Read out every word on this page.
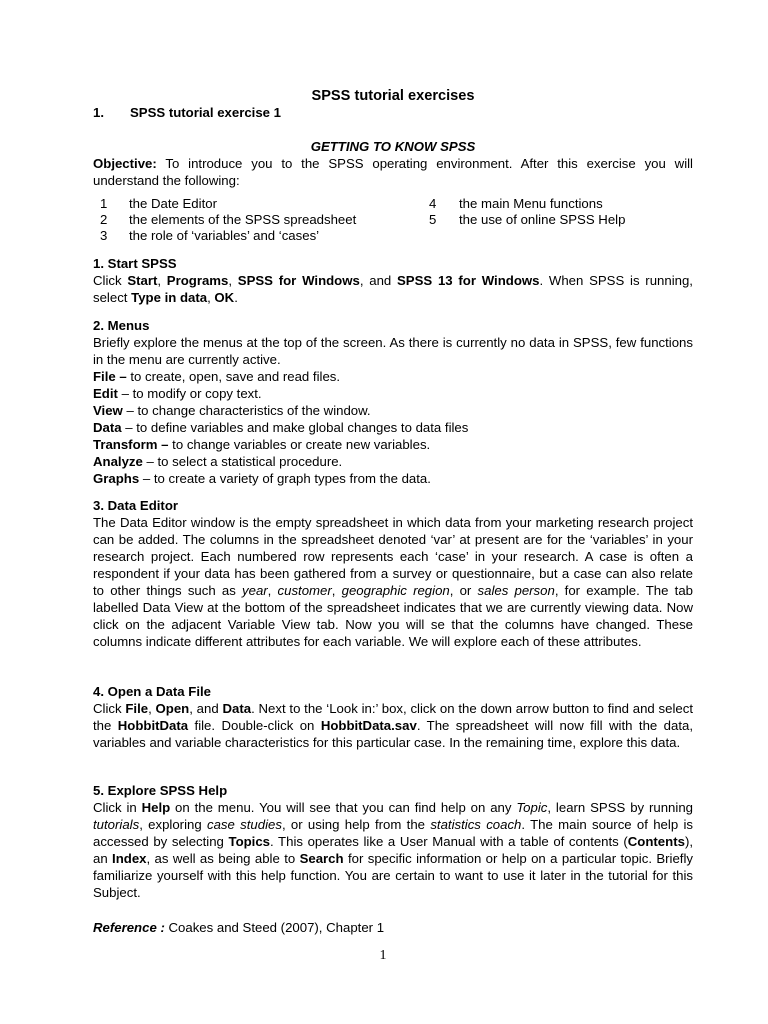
SPSS tutorial exercises
1. SPSS tutorial exercise 1
GETTING TO KNOW SPSS

Objective: To introduce you to the SPSS operating environment. After this exercise you will understand the following:

1 the Date Editor
2 the elements of the SPSS spreadsheet
3 the role of ‘variables’ and ‘cases’
4 the main Menu functions
5 the use of online SPSS Help
1. Start SPSS

Click Start, Programs, SPSS for Windows, and SPSS 13 for Windows. When SPSS is running, select Type in data, OK.

2. Menus

Briefly explore the menus at the top of the screen. As there is currently no data in SPSS, few functions in the menu are currently active.

File – to create, open, save and read files.
Edit – to modify or copy text.
View – to change characteristics of the window.
Data – to define variables and make global changes to data files
Transform – to change variables or create new variables.
Analyze – to select a statistical procedure.
Graphs – to create a variety of graph types from the data.
3. Data Editor

The Data Editor window is the empty spreadsheet in which data from your marketing research project can be added. The columns in the spreadsheet denoted ‘var’ at present are for the ‘variables’ in your research project. Each numbered row represents each ‘case’ in your research. A case is often a respondent if your data has been gathered from a survey or questionnaire, but a case can also relate to other things such as year, customer, geographic region, or sales person, for example. The tab labelled Data View at the bottom of the spreadsheet indicates that we are currently viewing data. Now click on the adjacent Variable View tab. Now you will se that the columns have changed. These columns indicate different attributes for each variable. We will explore each of these attributes.

4. Open a Data File

Click File, Open, and Data. Next to the ‘Look in:’ box, click on the down arrow button to find and select the HobbitData file. Double-click on HobbitData.sav. The spreadsheet will now fill with the data, variables and variable characteristics for this particular case. In the remaining time, explore this data.

5. Explore SPSS Help

Click in Help on the menu. You will see that you can find help on any Topic, learn SPSS by running tutorials, exploring case studies, or using help from the statistics coach. The main source of help is accessed by selecting Topics. This operates like a User Manual with a table of contents (Contents), an Index, as well as being able to Search for specific information or help on a particular topic. Briefly familiarize yourself with this help function. You are certain to want to use it later in the tutorial for this Subject.

Reference : Coakes and Steed (2007), Chapter 1

1
